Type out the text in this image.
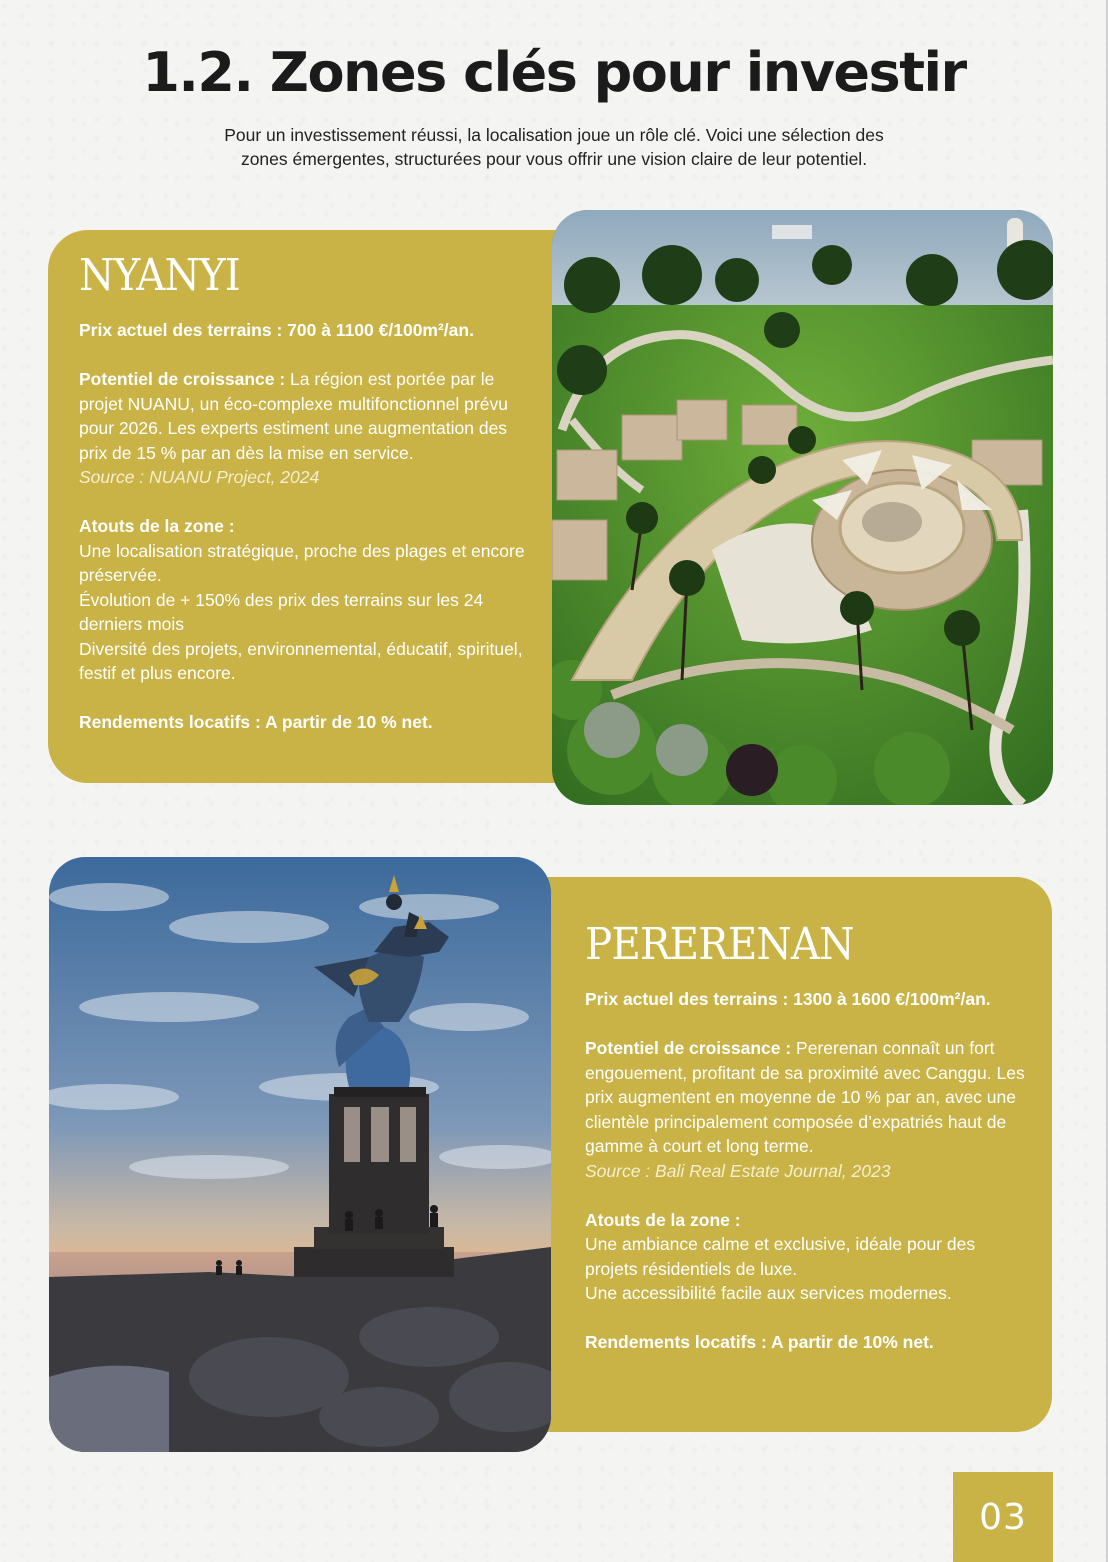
1.2. Zones clés pour investir

Pour un investissement réussi, la localisation joue un rôle clé. Voici une sélection des
zones émergentes, structurées pour vous offrir une vision claire de leur potentiel.

NYANYI
Prix actuel des terrains : 700 à 1100 €/100m²/an.
Potentiel de croissance : La région est portée par le projet NUANU, un éco-complexe multifonctionnel prévu pour 2026. Les experts estiment une augmentation des prix de 15 % par an dès la mise en service.
Source : NUANU Project, 2024
Atouts de la zone :
Une localisation stratégique, proche des plages et encore préservée.
Évolution de + 150% des prix des terrains sur les 24 derniers mois
Diversité des projets, environnemental, éducatif, spirituel, festif et plus encore.
Rendements locatifs : A partir de 10 % net.
PERERENAN
Prix actuel des terrains : 1300 à 1600 €/100m²/an.
Potentiel de croissance : Pererenan connaît un fort engouement, profitant de sa proximité avec Canggu. Les prix augmentent en moyenne de 10 % par an, avec une clientèle principalement composée d’expatriés haut de gamme à court et long terme.
Source : Bali Real Estate Journal, 2023
Atouts de la zone :
Une ambiance calme et exclusive, idéale pour des projets résidentiels de luxe.
Une accessibilité facile aux services modernes.
Rendements locatifs : A partir de 10% net.
03
